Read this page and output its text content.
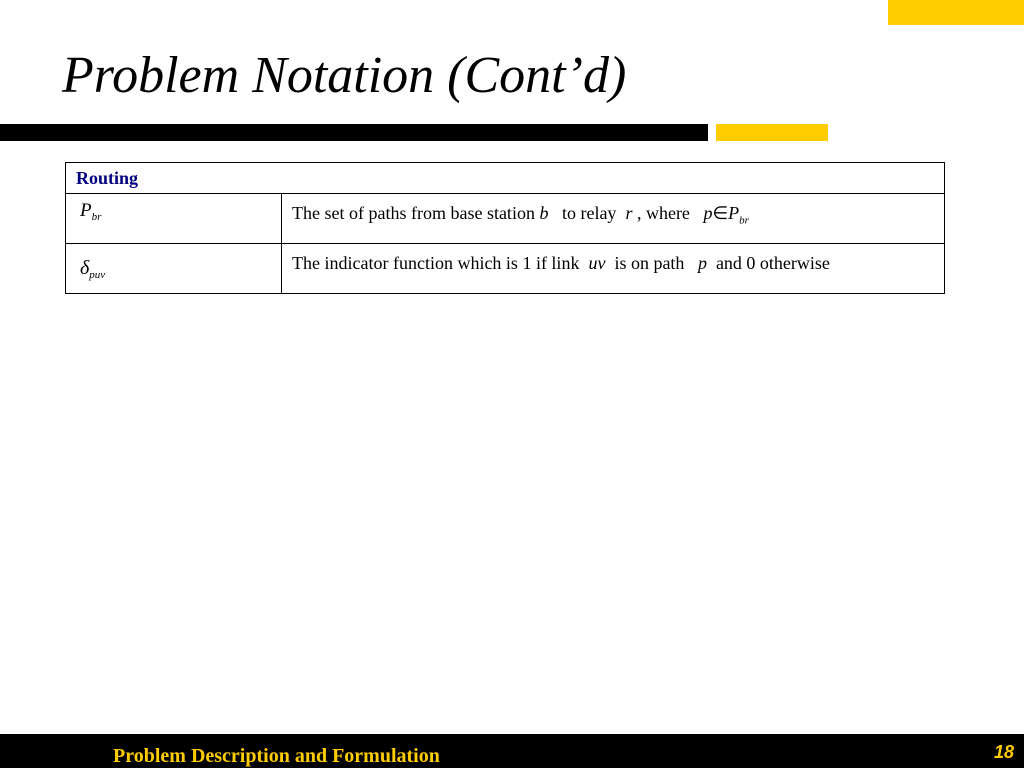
Problem Notation (Cont’d)
Routing	
$P_{br}$	The set of paths from base station b   to relay  r , where   $p\in P_{br}$
$\delta_{puv}$	The indicator function which is 1 if link  uv  is on path   p  and 0 otherwise
Problem Description and Formulation	18
